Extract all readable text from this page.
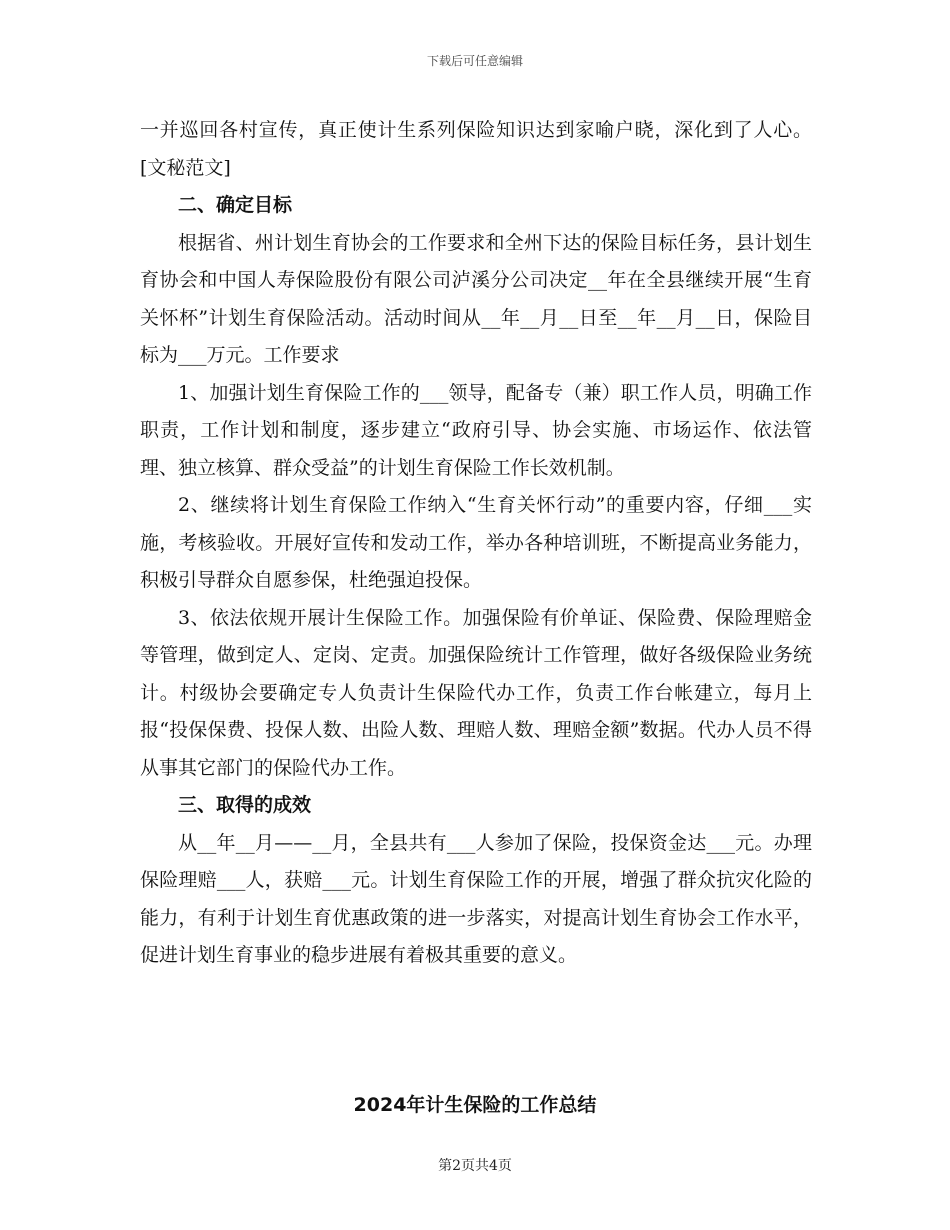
下载后可任意编辑

一并巡回各村宣传，真正使计生系列保险知识达到家喻户晓，深化到了人心。[文秘范文]

二、确定目标

根据省、州计划生育协会的工作要求和全州下达的保险目标任务，县计划生育协会和中国人寿保险股份有限公司泸溪分公司决定__年在全县继续开展“生育关怀杯”计划生育保险活动。活动时间从__年__月__日至__年__月__日，保险目标为___万元。工作要求

1、加强计划生育保险工作的___领导，配备专（兼）职工作人员，明确工作职责，工作计划和制度，逐步建立“政府引导、协会实施、市场运作、依法管理、独立核算、群众受益”的计划生育保险工作长效机制。

2、继续将计划生育保险工作纳入“生育关怀行动”的重要内容，仔细___实施，考核验收。开展好宣传和发动工作，举办各种培训班，不断提高业务能力，积极引导群众自愿参保，杜绝强迫投保。

3、依法依规开展计生保险工作。加强保险有价单证、保险费、保险理赔金等管理，做到定人、定岗、定责。加强保险统计工作管理，做好各级保险业务统计。村级协会要确定专人负责计生保险代办工作，负责工作台帐建立，每月上报“投保保费、投保人数、出险人数、理赔人数、理赔金额”数据。代办人员不得从事其它部门的保险代办工作。

三、取得的成效

从__年__月——__月，全县共有___人参加了保险，投保资金达___元。办理保险理赔___人，获赔___元。计划生育保险工作的开展，增强了群众抗灾化险的能力，有利于计划生育优惠政策的进一步落实，对提高计划生育协会工作水平，促进计划生育事业的稳步进展有着极其重要的意义。

2024年计生保险的工作总结
第2页共4页
